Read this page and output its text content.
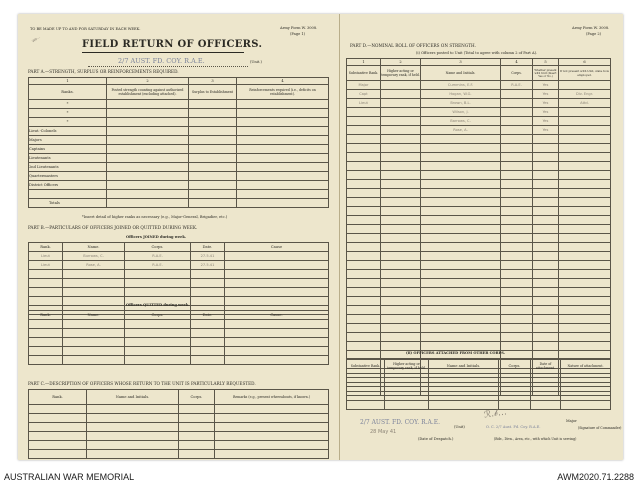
TO BE MADE UP TO AND FOR SATURDAY IN EACH WEEK.	Army Form W. 3008.
(Page 1)
Wo…	FIELD RETURN OF OFFICERS.
2/7 AUST. FD. COY. R.A.E.	(Unit.)
PART A.—STRENGTH, SURPLUS OR REINFORCEMENTS REQUIRED.
1	2	3	4
Ranks.	Posted strength counting against authorized establishment (excluding attached).	Surplus to Establishment	Reinforcements required (i.e., deficits on establishment).
*			
*			
*			
Lieut.-Colonels			
Majors			
Captains			
Lieutenants			
2nd Lieutenants			
Quartermasters			
District Officers			

Totals			
*Insert detail of higher ranks as necessary (e.g., Major-General, Brigadier, etc.)
PART B.—PARTICULARS OF OFFICERS JOINED OR QUITTED DURING WEEK.
Officers JOINED during week.
Rank.	Name.	Corps.	Date.	Cause
Lieut	Burrows, C.	R.A.E.	27.5.41	
Lieut	Rose, A.	R.A.E.	27.5.41	

Officers QUITTED during week.
Rank.	Name.	Corps.	Date.	Cause.

PART C.—DESCRIPTION OF OFFICERS WHOSE RETURN TO THE UNIT IS PARTICULARLY REQUESTED.
Rank.	Name and Initials.	Corps.	Remarks (e.g., present whereabouts, if known.)

Army Form W. 3008.
(Page 2)
PART D.—NOMINAL ROLL OF OFFICERS ON STRENGTH.
(i) Officers posted to Unit (Total to agree with column 2 of Part A).
1	2	3	4	5	6
Substantive Rank.	Higher acting or temporary rank, if held.	Name and Initials.	Corps.	Whether present with Unit (Insert Yes or No.)	If not present with Unit, state how employed.
Major		Cummins, E.F.	R.A.E.	Yes	
Capt		Hogan, W.G.		Yes	Div. Engr.
Lieut		Brown, B.L.		Yes	Attd.
		Wilson, J.		Yes	
		Barrows, C.		Yes	
		Rose, A.		Yes	

(ii) OFFICERS ATTACHED FROM OTHER CORPS.
Substantive Rank.	Higher acting or temporary rank, if held.	Name and Initials.	Corps.	Date of attachment.	Nature of attachment.

2/7 AUST. FD. COY. R.A.E.
(Unit)
28 May 41
(Date of Despatch.)
ℛ.𝒷…
Major
O. C. 2/7 Aust. Fd. Coy. R.A.E.	(Signature of Commander)
(Bde., Divn., Area, etc., with which Unit is serving)
AUSTRALIAN WAR MEMORIAL	AWM2020.71.2288
